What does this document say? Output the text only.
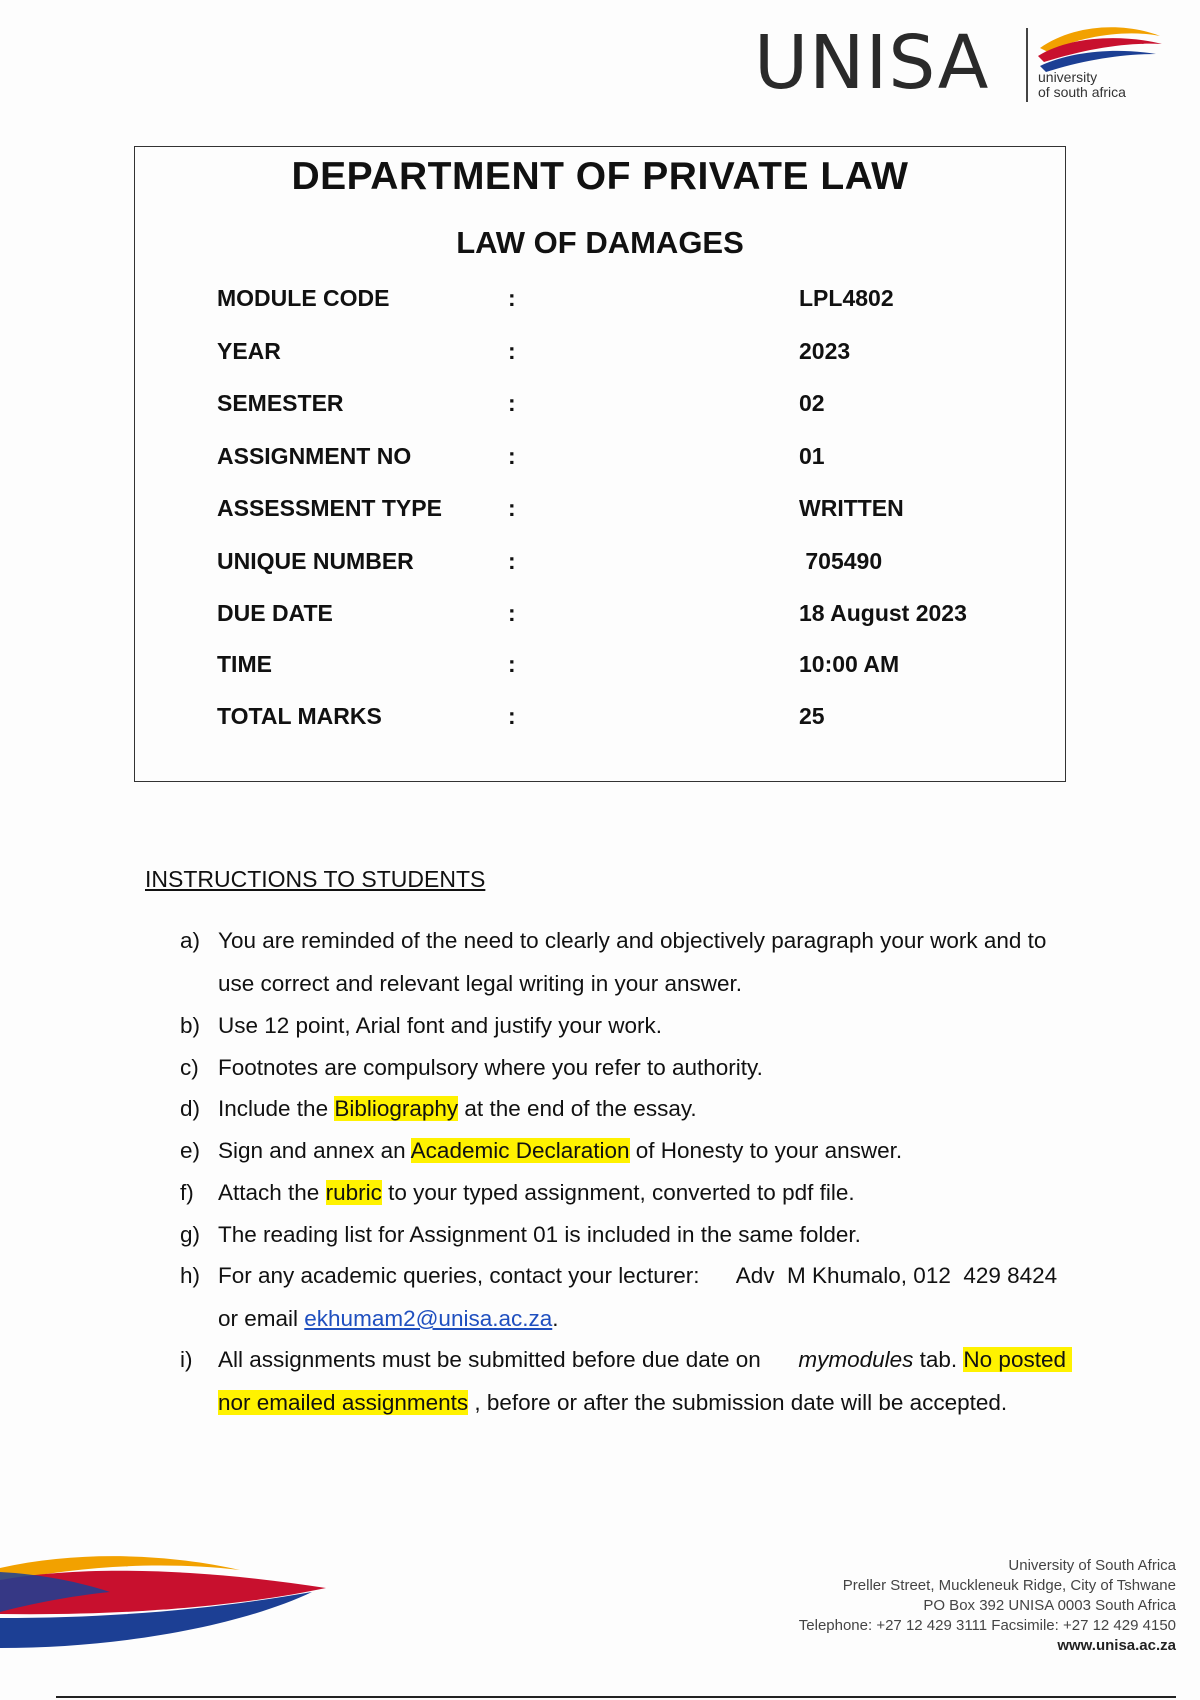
UNISA	university
of south africa
DEPARTMENT OF PRIVATE LAW
LAW OF DAMAGES
MODULE CODE	:	LPL4802
YEAR	:	2023
SEMESTER	:	02
ASSIGNMENT NO	:	01
ASSESSMENT TYPE	:	WRITTEN
UNIQUE NUMBER	:	705490
DUE DATE	:	18 August 2023
TIME	:	10:00 AM
TOTAL MARKS	:	25
INSTRUCTIONS TO STUDENTS
a) You are reminded of the need to clearly and objectively paragraph your work and to use correct and relevant legal writing in your answer.
b) Use 12 point, Arial font and justify your work.
c) Footnotes are compulsory where you refer to authority.
d) Include the Bibliography at the end of the essay.
e) Sign and annex an Academic Declaration of Honesty to your answer.
f) Attach the rubric to your typed assignment, converted to pdf file.
g) The reading list for Assignment 01 is included in the same folder.
h) For any academic queries, contact your lecturer:      Adv  M Khumalo, 012  429 8424 or email ekhumam2@unisa.ac.za.
i) All assignments must be submitted before due date on      mymodules tab. No posted nor emailed assignments , before or after the submission date will be accepted.
University of South Africa
Preller Street, Muckleneuk Ridge, City of Tshwane
PO Box 392 UNISA 0003 South Africa
Telephone: +27 12 429 3111 Facsimile: +27 12 429 4150
www.unisa.ac.za
